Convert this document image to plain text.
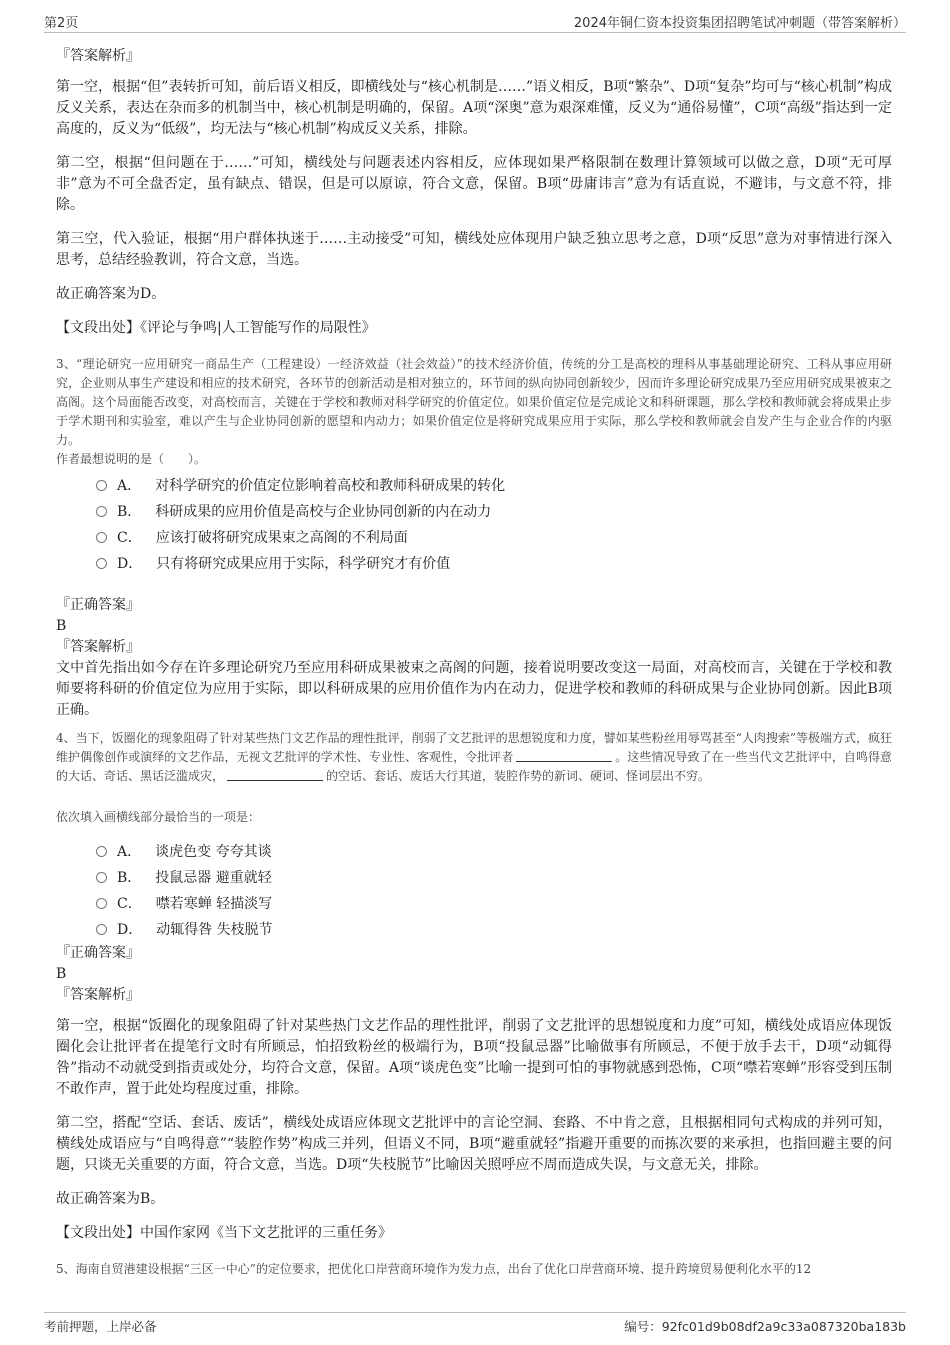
第2页	2024年铜仁资本投资集团招聘笔试冲刺题（带答案解析）
『答案解析』

第一空，根据“但”表转折可知，前后语义相反，即横线处与“核心机制是……”语义相反，B项“繁杂”、D项“复杂”均可与“核心机制”构成反义关系，表达在杂而多的机制当中，核心机制是明确的，保留。A项“深奥”意为艰深难懂，反义为“通俗易懂”，C项“高级”指达到一定高度的，反义为“低级”，均无法与“核心机制”构成反义关系，排除。

第二空，根据“但问题在于……”可知，横线处与问题表述内容相反，应体现如果严格限制在数理计算领域可以做之意，D项“无可厚非”意为不可全盘否定，虽有缺点、错误，但是可以原谅，符合文意，保留。B项“毋庸讳言”意为有话直说，不避讳，与文意不符，排除。

第三空，代入验证，根据“用户群体执迷于……主动接受”可知，横线处应体现用户缺乏独立思考之意，D项“反思”意为对事情进行深入思考，总结经验教训，符合文意，当选。

故正确答案为D。

【文段出处】《评论与争鸣|人工智能写作的局限性》

3、“理论研究一应用研究一商品生产（工程建设）一经济效益（社会效益）”的技术经济价值，传统的分工是高校的理科从事基础理论研究、工科从事应用研究，企业则从事生产建设和相应的技术研究，各环节的创新活动是相对独立的，环节间的纵向协同创新较少，因而许多理论研究成果乃至应用研究成果被束之高阁。这个局面能否改变，对高校而言，关键在于学校和教师对科学研究的价值定位。如果价值定位是完成论文和科研课题，那么学校和教师就会将成果止步于学术期刊和实验室，难以产生与企业协同创新的愿望和内动力；如果价值定位是将研究成果应用于实际，那么学校和教师就会自发产生与企业合作的内驱力。

作者最想说明的是（　　）。

A． 对科学研究的价值定位影响着高校和教师科研成果的转化
B． 科研成果的应用价值是高校与企业协同创新的内在动力
C． 应该打破将研究成果束之高阁的不利局面
D． 只有将研究成果应用于实际，科学研究才有价值
『正确答案』
B
『答案解析』

文中首先指出如今存在许多理论研究乃至应用科研成果被束之高阁的问题，接着说明要改变这一局面，对高校而言，关键在于学校和教师要将科研的价值定位为应用于实际，即以科研成果的应用价值作为内在动力，促进学校和教师的科研成果与企业协同创新。因此B项正确。

4、当下，饭圈化的现象阻碍了针对某些热门文艺作品的理性批评，削弱了文艺批评的思想锐度和力度，譬如某些粉丝用辱骂甚至“人肉搜索”等极端方式，疯狂维护偶像创作或演绎的文艺作品，无视文艺批评的学术性、专业性、客观性，令批评者	。这些情况导致了在一些当代文艺批评中，自鸣得意的大话、奇话、黑话泛滥成灾，	的空话、套话、废话大行其道，装腔作势的新词、硬词、怪词层出不穷。

依次填入画横线部分最恰当的一项是：

A． 谈虎色变 夸夸其谈
B． 投鼠忌器 避重就轻
C． 噤若寒蝉 轻描淡写
D． 动辄得咎 失枝脱节
『正确答案』
B
『答案解析』

第一空，根据“饭圈化的现象阻碍了针对某些热门文艺作品的理性批评，削弱了文艺批评的思想锐度和力度”可知，横线处成语应体现饭圈化会让批评者在提笔行文时有所顾忌，怕招致粉丝的极端行为，B项“投鼠忌器”比喻做事有所顾忌，不便于放手去干，D项“动辄得咎”指动不动就受到指责或处分，均符合文意，保留。A项“谈虎色变”比喻一提到可怕的事物就感到恐怖，C项“噤若寒蝉”形容受到压制不敢作声，置于此处均程度过重，排除。

第二空，搭配“空话、套话、废话”，横线处成语应体现文艺批评中的言论空洞、套路、不中肯之意，且根据相同句式构成的并列可知，横线处成语应与“自鸣得意”“装腔作势”构成三并列，但语义不同，B项“避重就轻”指避开重要的而拣次要的来承担，也指回避主要的问题，只谈无关重要的方面，符合文意，当选。D项“失枝脱节”比喻因关照呼应不周而造成失误，与文意无关，排除。

故正确答案为B。

【文段出处】中国作家网《当下文艺批评的三重任务》

5、海南自贸港建设根据“三区一中心”的定位要求，把优化口岸营商环境作为发力点，出台了优化口岸营商环境、提升跨境贸易便利化水平的12

考前押题，上岸必备	编号：92fc01d9b08df2a9c33a087320ba183b
